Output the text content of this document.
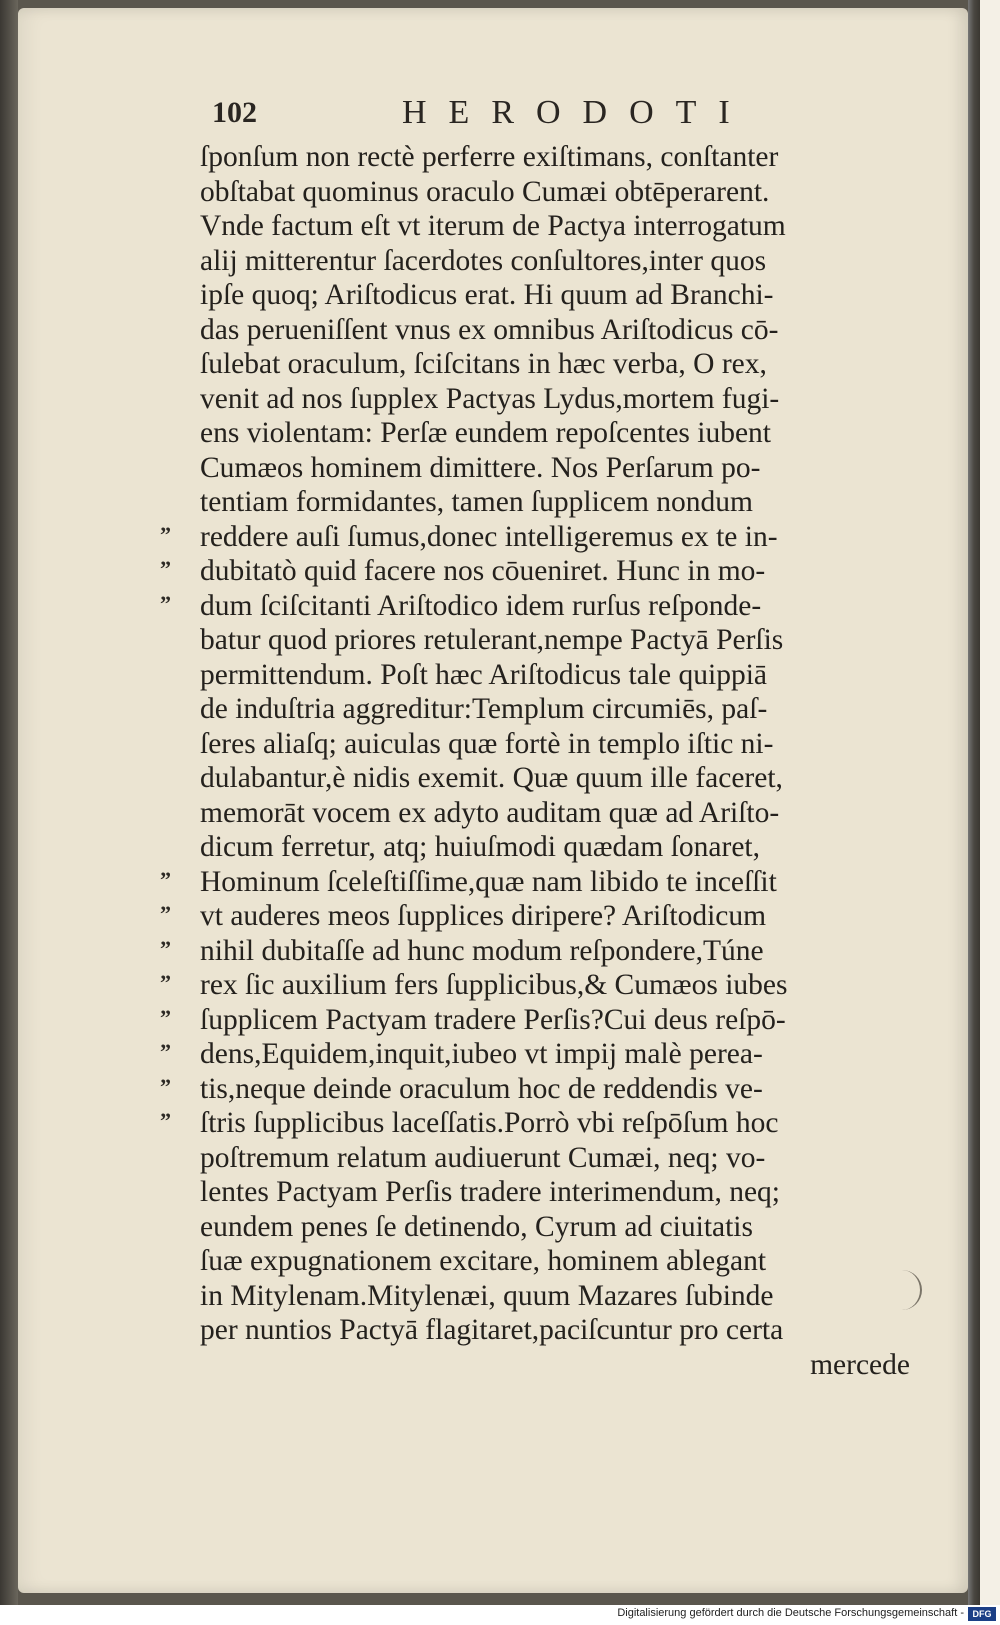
102	HERODOTI
”
”
”
”
”
”
”
”
”
”
”
ſponſum non rectè perferre exiſtimans, conſtanter
obſtabat quominus oraculo Cumæi obtēperarent.
Vnde factum eſt vt iterum de Pactya interrogatum
alij mitterentur ſacerdotes conſultores,inter quos
ipſe quoq; Ariſtodicus erat. Hi quum ad Branchi-
das perueniſſent vnus ex omnibus Ariſtodicus cō-
ſulebat oraculum, ſciſcitans in hæc verba, O rex,
venit ad nos ſupplex Pactyas Lydus,mortem fugi-
ens violentam: Perſæ eundem repoſcentes iubent
Cumæos hominem dimittere. Nos Perſarum po-
tentiam formidantes, tamen ſupplicem nondum
reddere auſi ſumus,donec intelligeremus ex te in-
dubitatò quid facere nos cōueniret. Hunc in mo-
dum ſciſcitanti Ariſtodico idem rurſus reſponde-
batur quod priores retulerant,nempe Pactyā Perſis
permittendum. Poſt hæc Ariſtodicus tale quippiā
de induſtria aggreditur:Templum circumiēs, paſ-
ſeres aliaſq; auiculas quæ fortè in templo iſtic ni-
dulabantur,è nidis exemit. Quæ quum ille faceret,
memorāt vocem ex adyto auditam quæ ad Ariſto-
dicum ferretur, atq; huiuſmodi quædam ſonaret,
Hominum ſceleſtiſſime,quæ nam libido te inceſſit
vt auderes meos ſupplices diripere? Ariſtodicum
nihil dubitaſſe ad hunc modum reſpondere,Túne
rex ſic auxilium fers ſupplicibus,& Cumæos iubes
ſupplicem Pactyam tradere Perſis?Cui deus reſpō-
dens,Equidem,inquit,iubeo vt impij malè perea-
tis,neque deinde oraculum hoc de reddendis ve-
ſtris ſupplicibus laceſſatis.Porrò vbi reſpōſum hoc
poſtremum relatum audiuerunt Cumæi, neq; vo-
lentes Pactyam Perſis tradere interimendum, neq;
eundem penes ſe detinendo, Cyrum ad ciuitatis
ſuæ expugnationem excitare, hominem ablegant
in Mitylenam.Mitylenæi, quum Mazares ſubinde
per nuntios Pactyā flagitaret,paciſcuntur pro certa
mercede
Digitalisierung gefördert durch die Deutsche Forschungsgemeinschaft - DFG
